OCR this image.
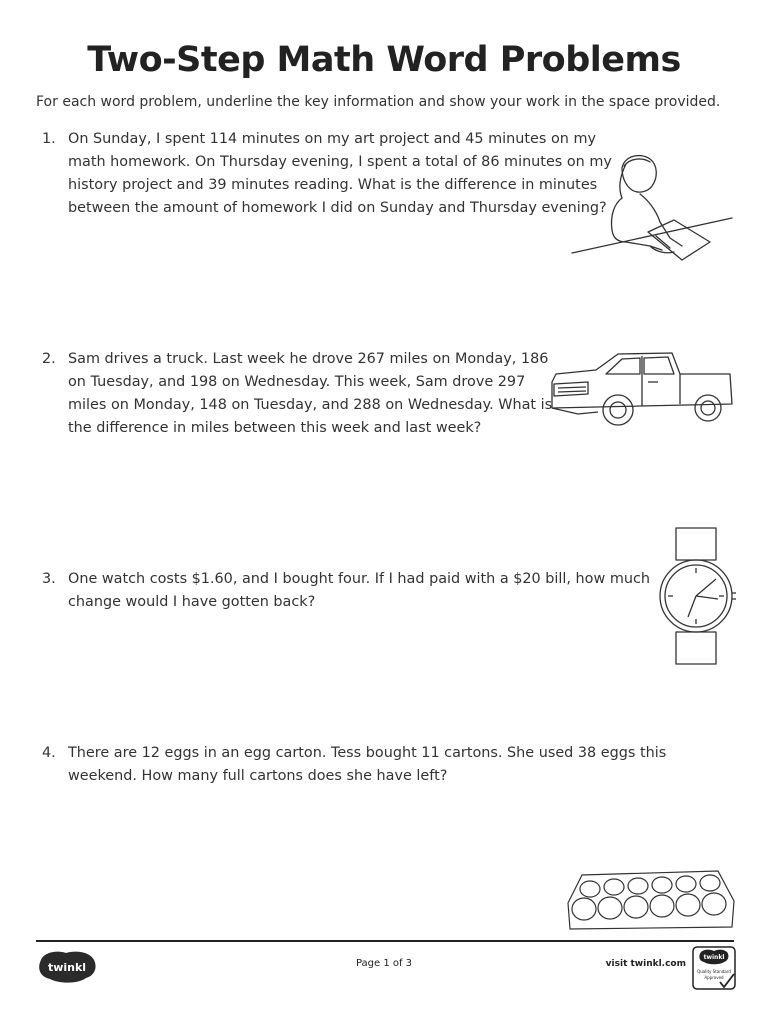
Two-Step Math Word Problems
For each word problem, underline the key information and show your work in the space provided.
1. On Sunday, I spent 114 minutes on my art project and 45 minutes on my math homework. On Thursday evening, I spent a total of 86 minutes on my history project and 39 minutes reading. What is the difference in minutes between the amount of homework I did on Sunday and Thursday evening?
2. Sam drives a truck. Last week he drove 267 miles on Monday, 186 on Tuesday, and 198 on Wednesday. This week, Sam drove 297 miles on Monday, 148 on Tuesday, and 288 on Wednesday. What is the difference in miles between this week and last week?
3. One watch costs $1.60, and I bought four. If I had paid with a $20 bill, how much change would I have gotten back?
4. There are 12 eggs in an egg carton. Tess bought 11 cartons. She used 38 eggs this weekend. How many full cartons does she have left?
twinkl	Page 1 of 3	visit twinkl.com
twinkl
Quality Standard
Approved
